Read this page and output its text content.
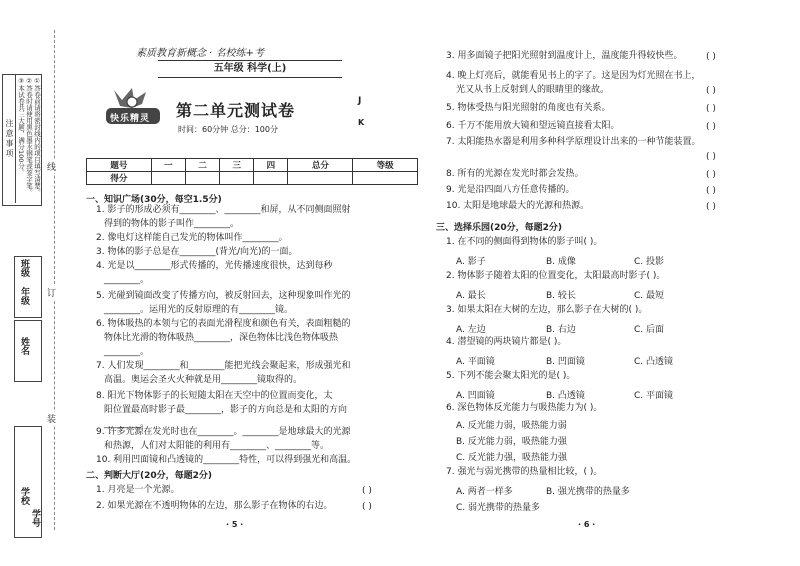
注意事项	①答卷前请将密封线内的项目填写清楚。
②答卷时请使用黑色墨水钢笔或签字笔。
③本试卷共三大题，满分100分。
年级
班级
姓名
学校
学号
线
订
装
素质教育新概念 · 名校练+考
五年级 科学(上)
快乐精灵 第二单元测试卷
时间：60分钟 总分：100分
J
K
题号	一	二	三	四	总分	等级
得分						
一、知识广场(30分，每空1.5分)
1. 影子的形成必须有________、________和屏，从不同侧面照射
得到的物体的影子叫作________。
2. 像电灯这样能自己发光的物体叫作________。
3. 物体的影子总是在________(背光/向光)的一面。
4. 光是以________形式传播的，光传播速度很快，达到每秒
________。
5. 光碰到镜面改变了传播方向，被反射回去，这种现象叫作光的
________。运用光的反射原理的有________镜。
6. 物体吸热的本领与它的表面光滑程度和颜色有关，表面粗糙的
物体比光滑的物体吸热________，深色物体比浅色物体吸热
________。
7. 人们发现________和________能把光线会聚起来，形成强光和
高温。奥运会圣火火种就是用________镜取得的。
8. 阳光下物体影子的长短随太阳在天空中的位置而变化，太
阳位置最高时影子最________，影子的方向总是和太阳的方向
________。
9. 许多光源在发光时也在________。________是地球最大的光源
和热源，人们对太阳能的利用有________、________等。
10. 利用凹面镜和凸透镜的________特性，可以得到强光和高温。
二、判断大厅(20分，每题2分)
1. 月亮是一个光源。	( )
2. 如果光源在不透明物体的左边，那么影子在物体的右边。	( )
· 5 ·
3. 用多面镜子把阳光照射到温度计上，温度能升得较快些。	( )
4. 晚上灯亮后，就能看见书上的字了。这是因为灯光照在书上，
光又从书上反射到人的眼睛里的缘故。	( )
5. 物体受热与阳光照射的角度也有关系。	( )
6. 千万不能用放大镜和望远镜直接看太阳。	( )
7. 太阳能热水器是利用多种科学原理设计出来的一种节能装置。
( )
8. 所有的光源在发光时都会发热。	( )
9. 光是沿四面八方任意传播的。	( )
10. 太阳是地球最大的光源和热源。	( )
三、选择乐园(20分，每题2分)
1. 在不同的侧面得到物体的影子叫( )。
A. 影子	B. 成像	C. 投影
2. 物体影子随着太阳的位置变化，太阳最高时影子( )。
A. 最长	B. 较长	C. 最短
3. 如果太阳在大树的左边，那么影子在大树的( )。
A. 左边	B. 右边	C. 后面
4. 潜望镜的两块镜片都是( )。
A. 平面镜	B. 凹面镜	C. 凸透镜
5. 下列不能会聚太阳光的是( )。
A. 凹面镜	B. 凸透镜	C. 平面镜
6. 深色物体反光能力与吸热能力为( )。
A. 反光能力弱，吸热能力弱
B. 反光能力弱，吸热能力强
C. 反光能力强，吸热能力强
7. 强光与弱光携带的热量相比较，( )。
A. 两者一样多	B. 强光携带的热量多
C. 弱光携带的热量多
· 6 ·
